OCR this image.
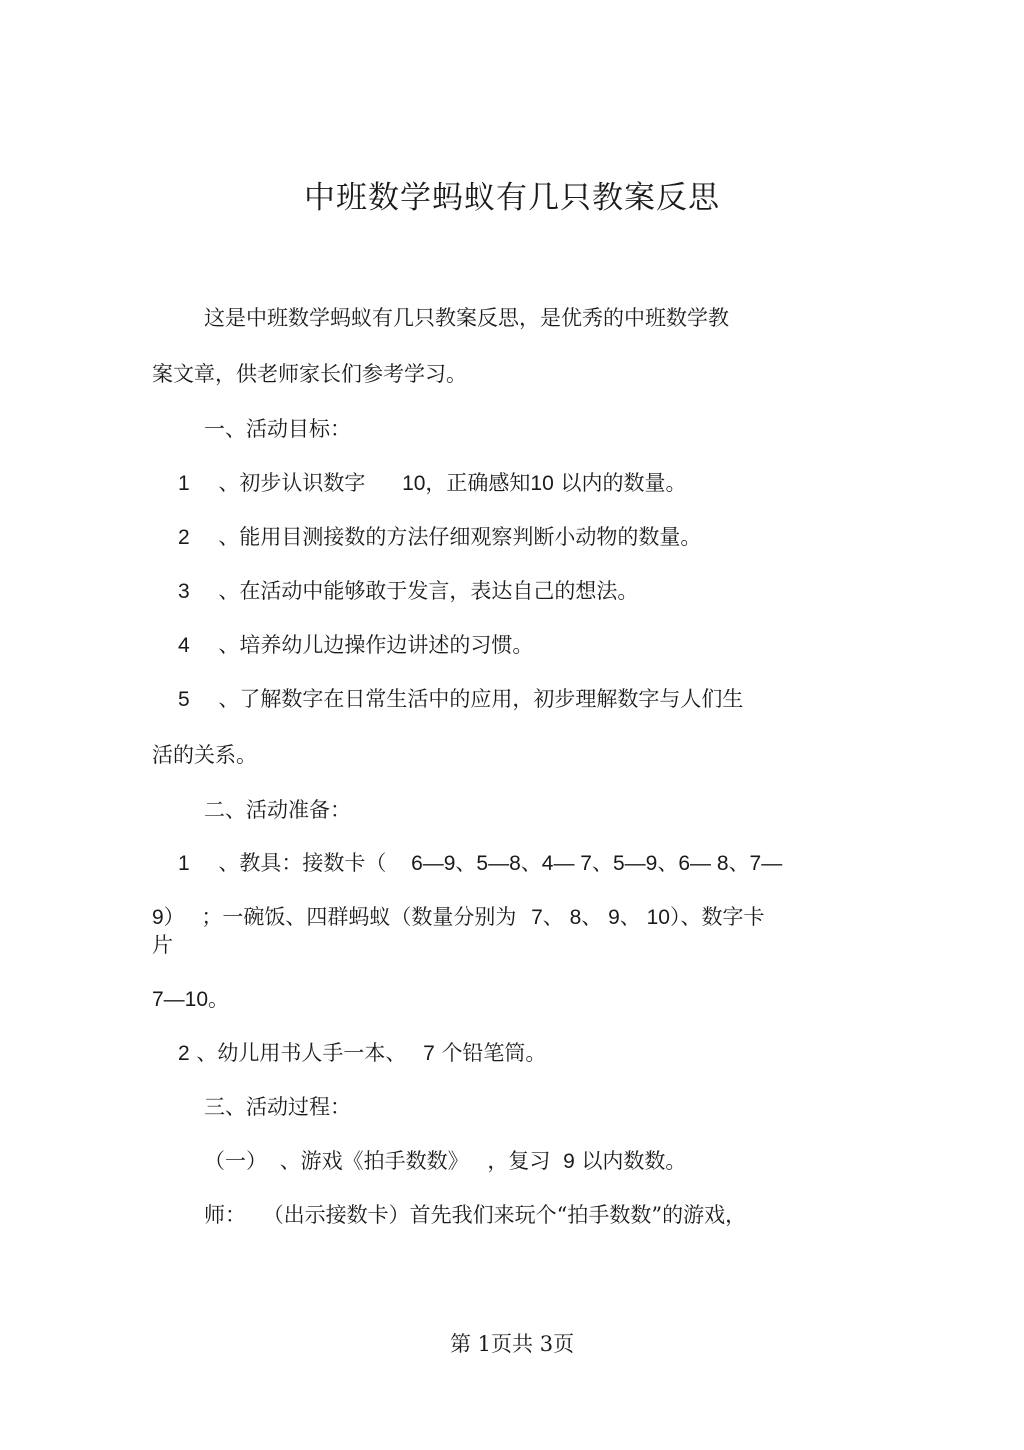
中班数学蚂蚁有几只教案反思
这是中班数学蚂蚁有几只教案反思，是优秀的中班数学教
案文章，供老师家长们参考学习。
一、活动目标：
1 、初步认识数字 10，正确感知10 以内的数量。
2 、能用目测接数的方法仔细观察判断小动物的数量。
3 、在活动中能够敢于发言，表达自己的想法。
4 、培养幼儿边操作边讲述的习惯。
5 、了解数字在日常生活中的应用，初步理解数字与人们生
活的关系。
二、活动准备：
1 、教具：接数卡（ 6—9、5—8、4— 7、5—9、6— 8、7—
9） ；一碗饭、四群蚂蚁（数量分别为 7、 8、 9、 10）、数字卡
片
7—10。
2 、幼儿用书人手一本、 7 个铅笔筒。
三、活动过程：
（一） 、游戏《拍手数数》 ，复习 9 以内数数。
师： （出示接数卡）首先我们来玩个“拍手数数”的游戏，
第 1页共 3页
